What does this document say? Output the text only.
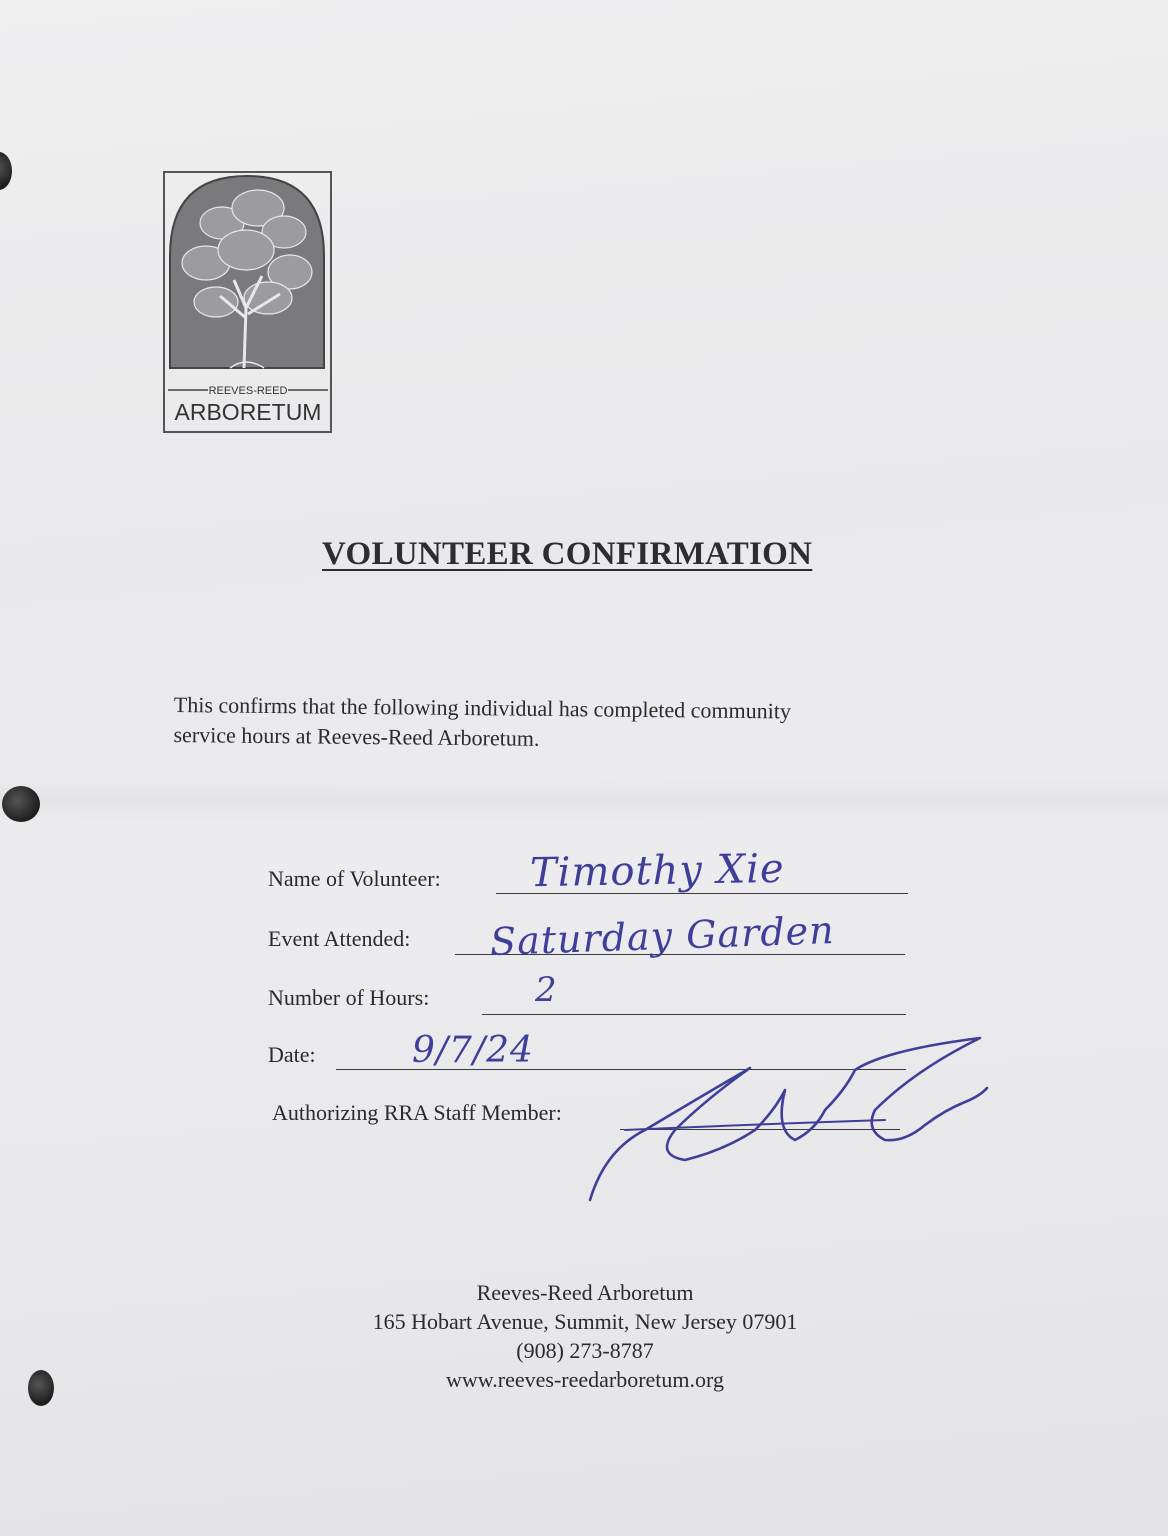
REEVES-REED
ARBORETUM
VOLUNTEER CONFIRMATION
This confirms that the following individual has completed community
service hours at Reeves-Reed Arboretum.
Name of Volunteer: Timothy Xie
Event Attended: Saturday Garden
Number of Hours:	2
Date:	9/7/24
Authorizing RRA Staff Member:
Reeves-Reed Arboretum
165 Hobart Avenue, Summit, New Jersey 07901
(908) 273-8787
www.reeves-reedarboretum.org
